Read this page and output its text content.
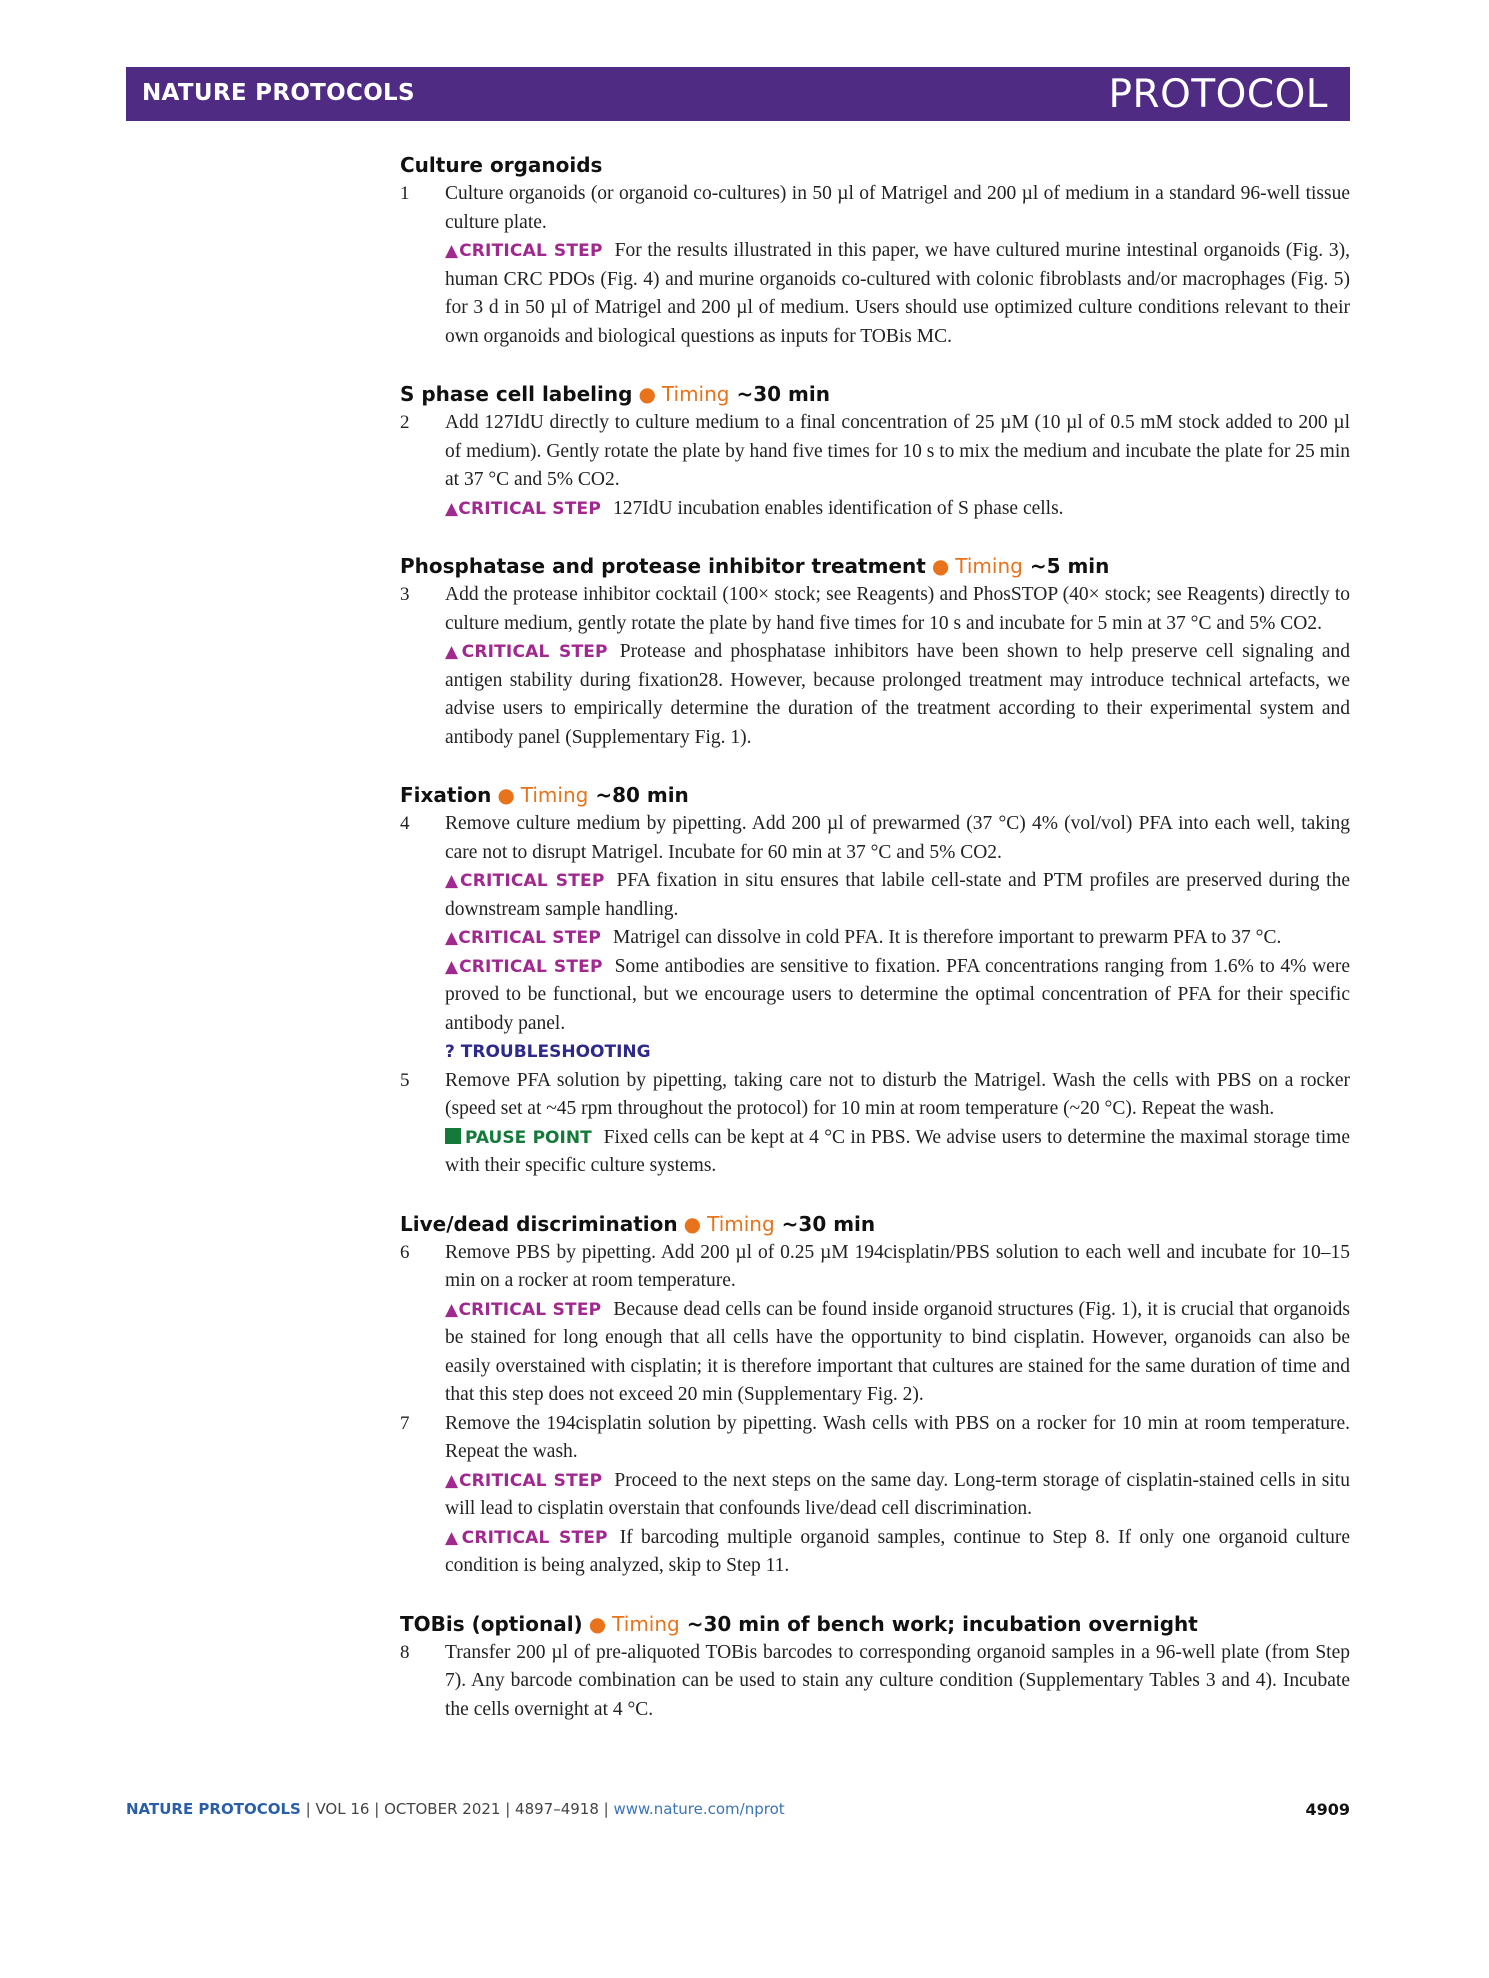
NATURE PROTOCOLS	PROTOCOL
Culture organoids
1 Culture organoids (or organoid co-cultures) in 50 µl of Matrigel and 200 µl of medium in a standard 96-well tissue culture plate.

▲CRITICAL STEP For the results illustrated in this paper, we have cultured murine intestinal organoids (Fig. 3), human CRC PDOs (Fig. 4) and murine organoids co-cultured with colonic fibroblasts and/or macrophages (Fig. 5) for 3 d in 50 µl of Matrigel and 200 µl of medium. Users should use optimized culture conditions relevant to their own organoids and biological questions as inputs for TOBis MC.

S phase cell labeling ● Timing ~30 min
2 Add 127IdU directly to culture medium to a final concentration of 25 µM (10 µl of 0.5 mM stock added to 200 µl of medium). Gently rotate the plate by hand five times for 10 s to mix the medium and incubate the plate for 25 min at 37 °C and 5% CO2.

▲CRITICAL STEP 127IdU incubation enables identification of S phase cells.

Phosphatase and protease inhibitor treatment ● Timing ~5 min
3 Add the protease inhibitor cocktail (100× stock; see Reagents) and PhosSTOP (40× stock; see Reagents) directly to culture medium, gently rotate the plate by hand five times for 10 s and incubate for 5 min at 37 °C and 5% CO2.

▲CRITICAL STEP Protease and phosphatase inhibitors have been shown to help preserve cell signaling and antigen stability during fixation28. However, because prolonged treatment may introduce technical artefacts, we advise users to empirically determine the duration of the treatment according to their experimental system and antibody panel (Supplementary Fig. 1).

Fixation ● Timing ~80 min
4 Remove culture medium by pipetting. Add 200 µl of prewarmed (37 °C) 4% (vol/vol) PFA into each well, taking care not to disrupt Matrigel. Incubate for 60 min at 37 °C and 5% CO2.

▲CRITICAL STEP PFA fixation in situ ensures that labile cell-state and PTM profiles are preserved during the downstream sample handling.

▲CRITICAL STEP Matrigel can dissolve in cold PFA. It is therefore important to prewarm PFA to 37 °C.

▲CRITICAL STEP Some antibodies are sensitive to fixation. PFA concentrations ranging from 1.6% to 4% were proved to be functional, but we encourage users to determine the optimal concentration of PFA for their specific antibody panel.

? TROUBLESHOOTING
5 Remove PFA solution by pipetting, taking care not to disturb the Matrigel. Wash the cells with PBS on a rocker (speed set at ~45 rpm throughout the protocol) for 10 min at room temperature (~20 °C). Repeat the wash.

PAUSE POINT Fixed cells can be kept at 4 °C in PBS. We advise users to determine the maximal storage time with their specific culture systems.

Live/dead discrimination ● Timing ~30 min
6 Remove PBS by pipetting. Add 200 µl of 0.25 µM 194cisplatin/PBS solution to each well and incubate for 10–15 min on a rocker at room temperature.

▲CRITICAL STEP Because dead cells can be found inside organoid structures (Fig. 1), it is crucial that organoids be stained for long enough that all cells have the opportunity to bind cisplatin. However, organoids can also be easily overstained with cisplatin; it is therefore important that cultures are stained for the same duration of time and that this step does not exceed 20 min (Supplementary Fig. 2).

7 Remove the 194cisplatin solution by pipetting. Wash cells with PBS on a rocker for 10 min at room temperature. Repeat the wash.

▲CRITICAL STEP Proceed to the next steps on the same day. Long-term storage of cisplatin-stained cells in situ will lead to cisplatin overstain that confounds live/dead cell discrimination.

▲CRITICAL STEP If barcoding multiple organoid samples, continue to Step 8. If only one organoid culture condition is being analyzed, skip to Step 11.

TOBis (optional) ● Timing ~30 min of bench work; incubation overnight
8 Transfer 200 µl of pre-aliquoted TOBis barcodes to corresponding organoid samples in a 96-well plate (from Step 7). Any barcode combination can be used to stain any culture condition (Supplementary Tables 3 and 4). Incubate the cells overnight at 4 °C.

NATURE PROTOCOLS | VOL 16 | OCTOBER 2021 | 4897–4918 | www.nature.com/nprot	4909
